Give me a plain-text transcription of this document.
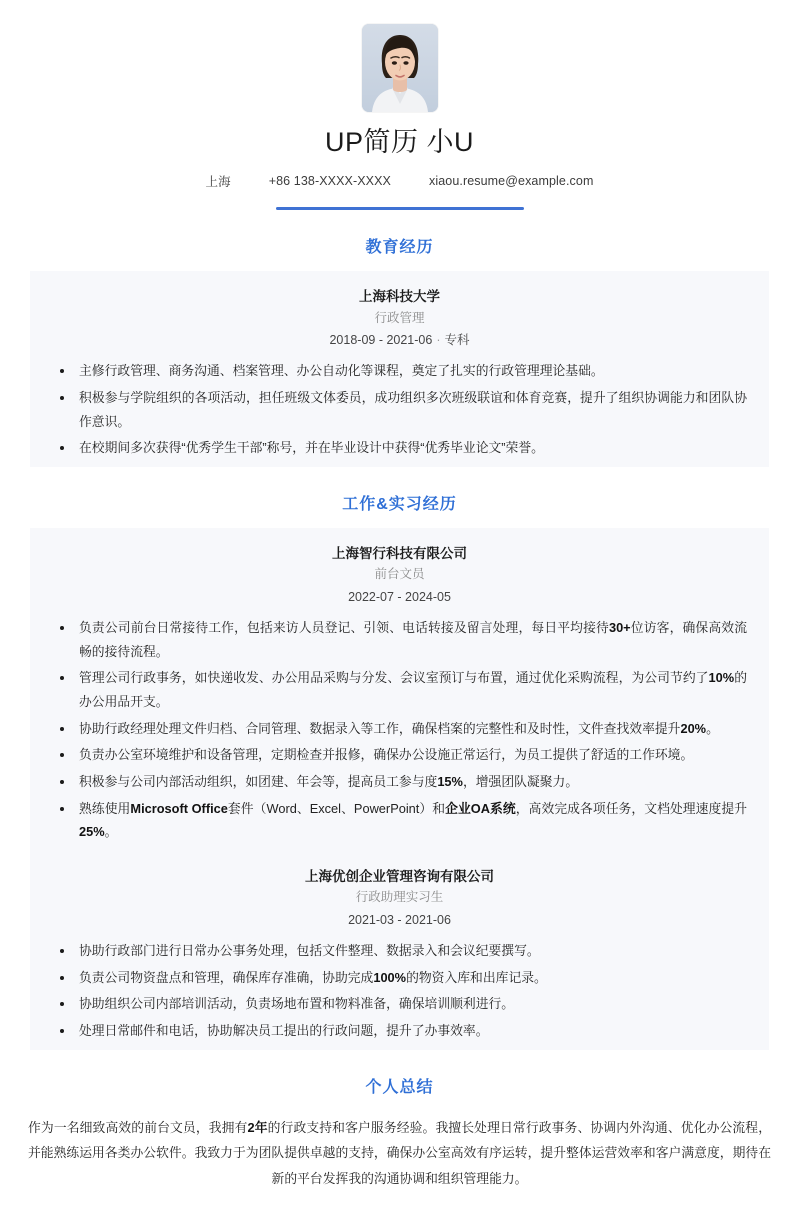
UP简历 小U
上海	+86 138-XXXX-XXXX	xiaou.resume@example.com
教育经历
上海科技大学
行政管理
2018-09 - 2021-06 · 专科
主修行政管理、商务沟通、档案管理、办公自动化等课程，奠定了扎实的行政管理理论基础。
积极参与学院组织的各项活动，担任班级文体委员，成功组织多次班级联谊和体育竞赛，提升了组织协调能力和团队协作意识。
在校期间多次获得“优秀学生干部”称号，并在毕业设计中获得“优秀毕业论文”荣誉。
工作&实习经历
上海智行科技有限公司
前台文员
2022-07 - 2024-05
负责公司前台日常接待工作，包括来访人员登记、引领、电话转接及留言处理，每日平均接待30+位访客，确保高效流畅的接待流程。
管理公司行政事务，如快递收发、办公用品采购与分发、会议室预订与布置，通过优化采购流程，为公司节约了10%的办公用品开支。
协助行政经理处理文件归档、合同管理、数据录入等工作，确保档案的完整性和及时性，文件查找效率提升20%。
负责办公室环境维护和设备管理，定期检查并报修，确保办公设施正常运行，为员工提供了舒适的工作环境。
积极参与公司内部活动组织，如团建、年会等，提高员工参与度15%，增强团队凝聚力。
熟练使用Microsoft Office套件（Word、Excel、PowerPoint）和企业OA系统，高效完成各项任务，文档处理速度提升25%。
上海优创企业管理咨询有限公司
行政助理实习生
2021-03 - 2021-06
协助行政部门进行日常办公事务处理，包括文件整理、数据录入和会议纪要撰写。
负责公司物资盘点和管理，确保库存准确，协助完成100%的物资入库和出库记录。
协助组织公司内部培训活动，负责场地布置和物料准备，确保培训顺利进行。
处理日常邮件和电话，协助解决员工提出的行政问题，提升了办事效率。
个人总结
作为一名细致高效的前台文员，我拥有2年的行政支持和客户服务经验。我擅长处理日常行政事务、协调内外沟通、优化办公流程，并能熟练运用各类办公软件。我致力于为团队提供卓越的支持，确保办公室高效有序运转，提升整体运营效率和客户满意度，期待在新的平台发挥我的沟通协调和组织管理能力。
